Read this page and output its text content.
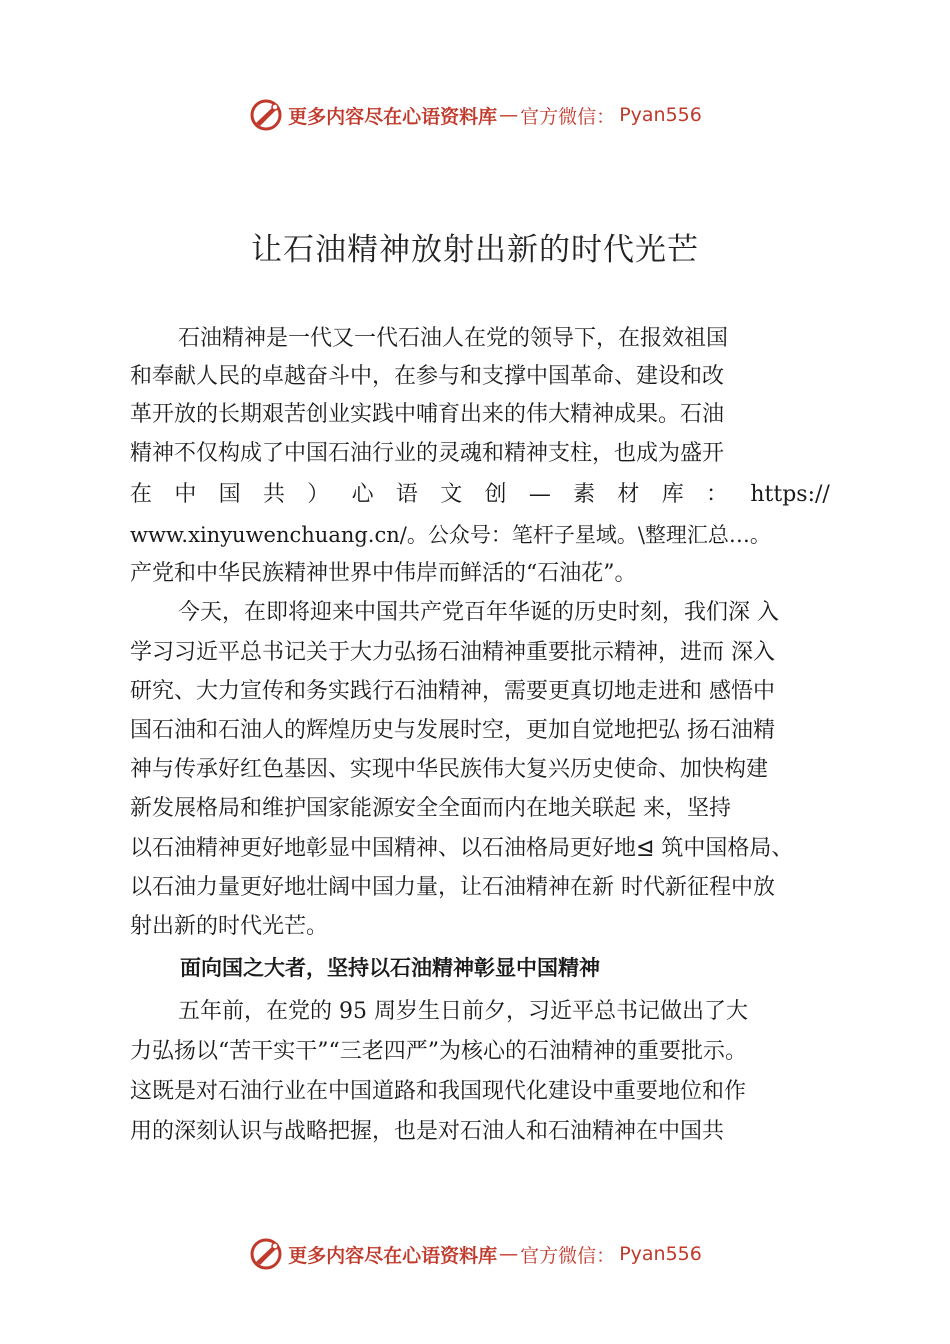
更多内容尽在心语资料库 — 官方微信： Pyan556
让石油精神放射出新的时代光芒
石油精神是一代又一代石油人在党的领导下，在报效祖国
和奉献人民的卓越奋斗中，在参与和支撑中国革命、建设和改
革开放的长期艰苦创业实践中哺育出来的伟大精神成果。石油
精神不仅构成了中国石油行业的灵魂和精神支柱，也成为盛开
在 中 国 共 ） 心 语 文 创 — 素 材 库 ： https://
www.xinyuwenchuang.cn/。公众号：笔杆子星域。\整理汇总…。
产党和中华民族精神世界中伟岸而鲜活的“石油花”。
今天，在即将迎来中国共产党百年华诞的历史时刻，我们深 入
学习习近平总书记关于大力弘扬石油精神重要批示精神，进而 深入
研究、大力宣传和务实践行石油精神，需要更真切地走进和 感悟中
国石油和石油人的辉煌历史与发展时空，更加自觉地把弘 扬石油精
神与传承好红色基因、实现中华民族伟大复兴历史使命、加快构建
新发展格局和维护国家能源安全全面而内在地关联起 来，坚持
以石油精神更好地彰显中国精神、以石油格局更好地⊴ 筑中国格局、
以石油力量更好地壮阔中国力量，让石油精神在新 时代新征程中放
射出新的时代光芒。
面向国之大者，坚持以石油精神彰显中国精神
五年前，在党的 95 周岁生日前夕，习近平总书记做出了大
力弘扬以“苦干实干”“三老四严”为核心的石油精神的重要批示。
这既是对石油行业在中国道路和我国现代化建设中重要地位和作
用的深刻认识与战略把握，也是对石油人和石油精神在中国共
更多内容尽在心语资料库 — 官方微信： Pyan556
